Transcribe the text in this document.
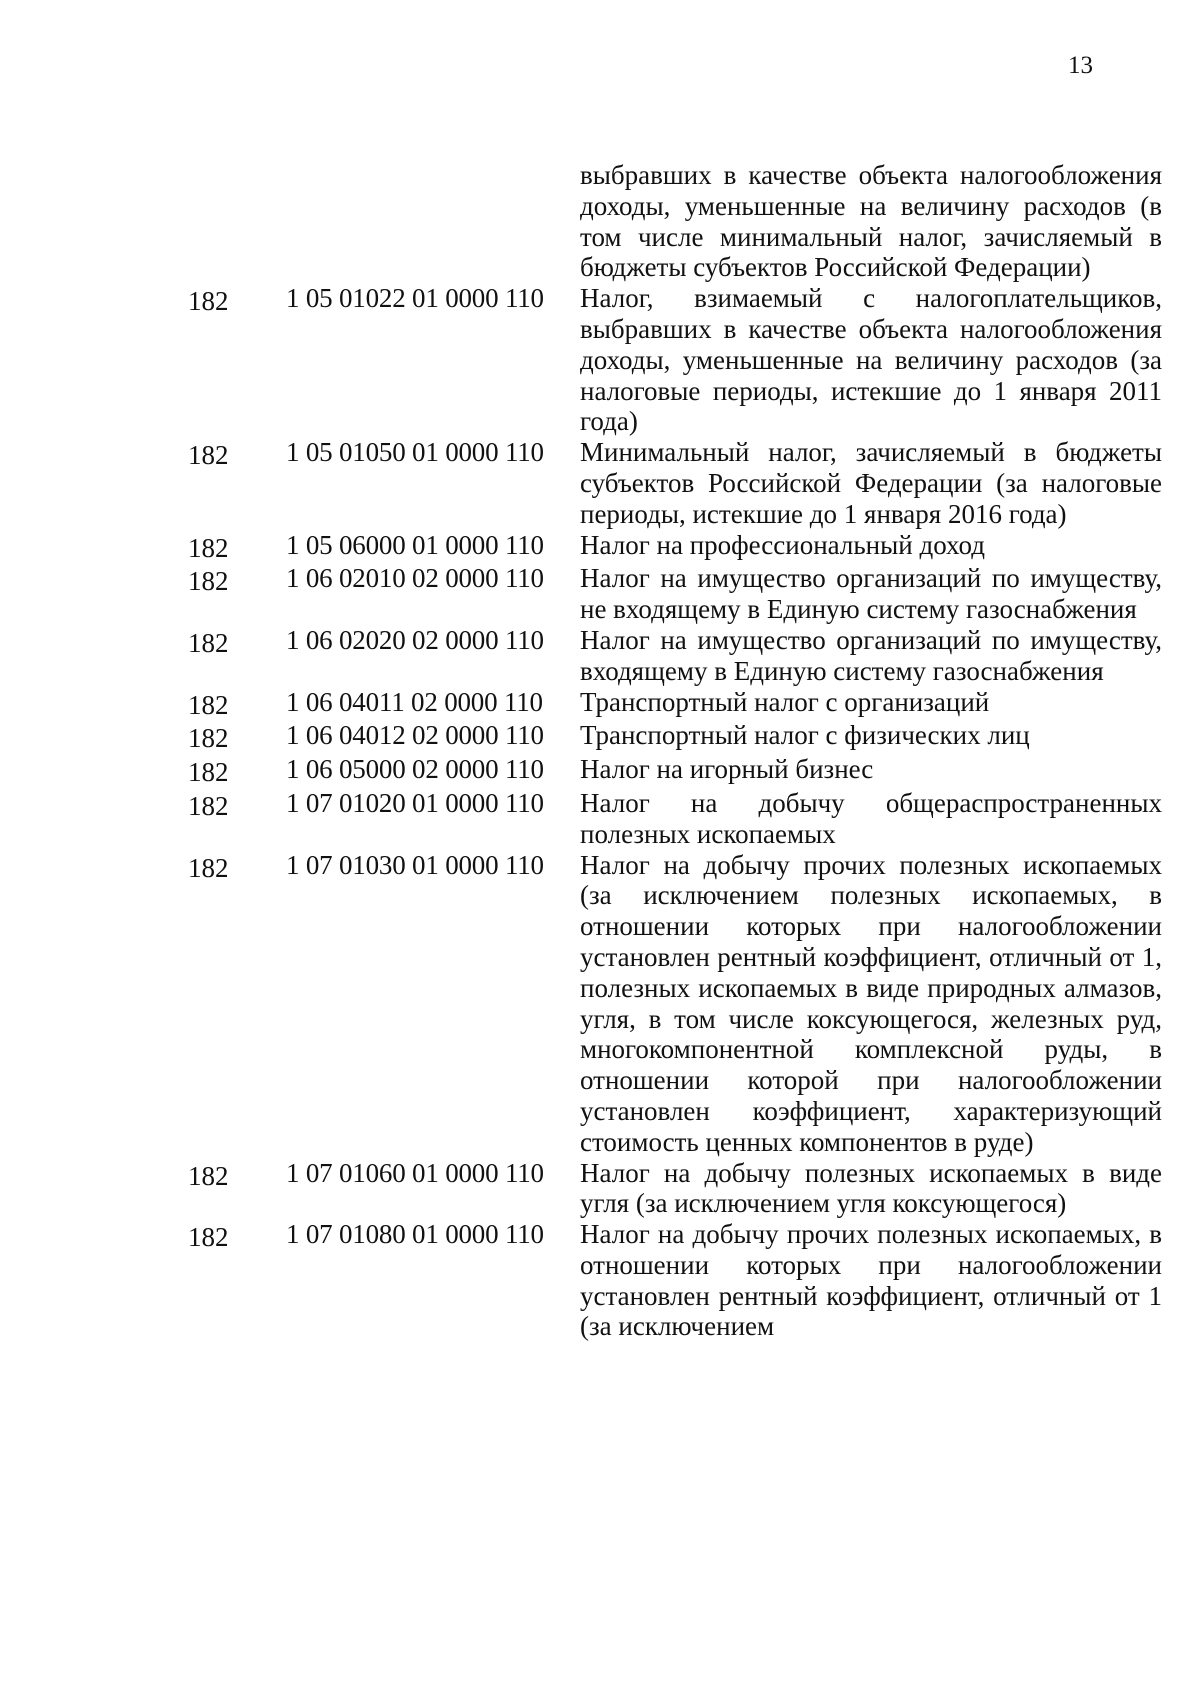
13
выбравших в качестве объекта налогообложения доходы, уменьшенные на величину расходов (в том числе минимальный налог, зачисляемый в бюджеты субъектов Российской Федерации)
182	1 05 01022 01 0000 110	Налог, взимаемый с налогоплательщиков, выбравших в качестве объекта налогообложения доходы, уменьшенные на величину расходов (за налоговые периоды, истекшие до 1 января 2011 года)
182	1 05 01050 01 0000 110	Минимальный налог, зачисляемый в бюджеты субъектов Российской Федерации (за налоговые периоды, истекшие до 1 января 2016 года)
182	1 05 06000 01 0000 110	Налог на профессиональный доход
182	1 06 02010 02 0000 110	Налог на имущество организаций по имуществу, не входящему в Единую систему газоснабжения
182	1 06 02020 02 0000 110	Налог на имущество организаций по имуществу, входящему в Единую систему газоснабжения
182	1 06 04011 02 0000 110	Транспортный налог с организаций
182	1 06 04012 02 0000 110	Транспортный налог с физических лиц
182	1 06 05000 02 0000 110	Налог на игорный бизнес
182	1 07 01020 01 0000 110	Налог на добычу общераспространенных полезных ископаемых
182	1 07 01030 01 0000 110	Налог на добычу прочих полезных ископаемых (за исключением полезных ископаемых, в отношении которых при налогообложении установлен рентный коэффициент, отличный от 1, полезных ископаемых в виде природных алмазов, угля, в том числе коксующегося, железных руд, многокомпонентной комплексной руды, в отношении которой при налогообложении установлен коэффициент, характеризующий стоимость ценных компонентов в руде)
182	1 07 01060 01 0000 110	Налог на добычу полезных ископаемых в виде угля (за исключением угля коксующегося)
182	1 07 01080 01 0000 110	Налог на добычу прочих полезных ископаемых, в отношении которых при налогообложении установлен рентный коэффициент, отличный от 1 (за исключением
